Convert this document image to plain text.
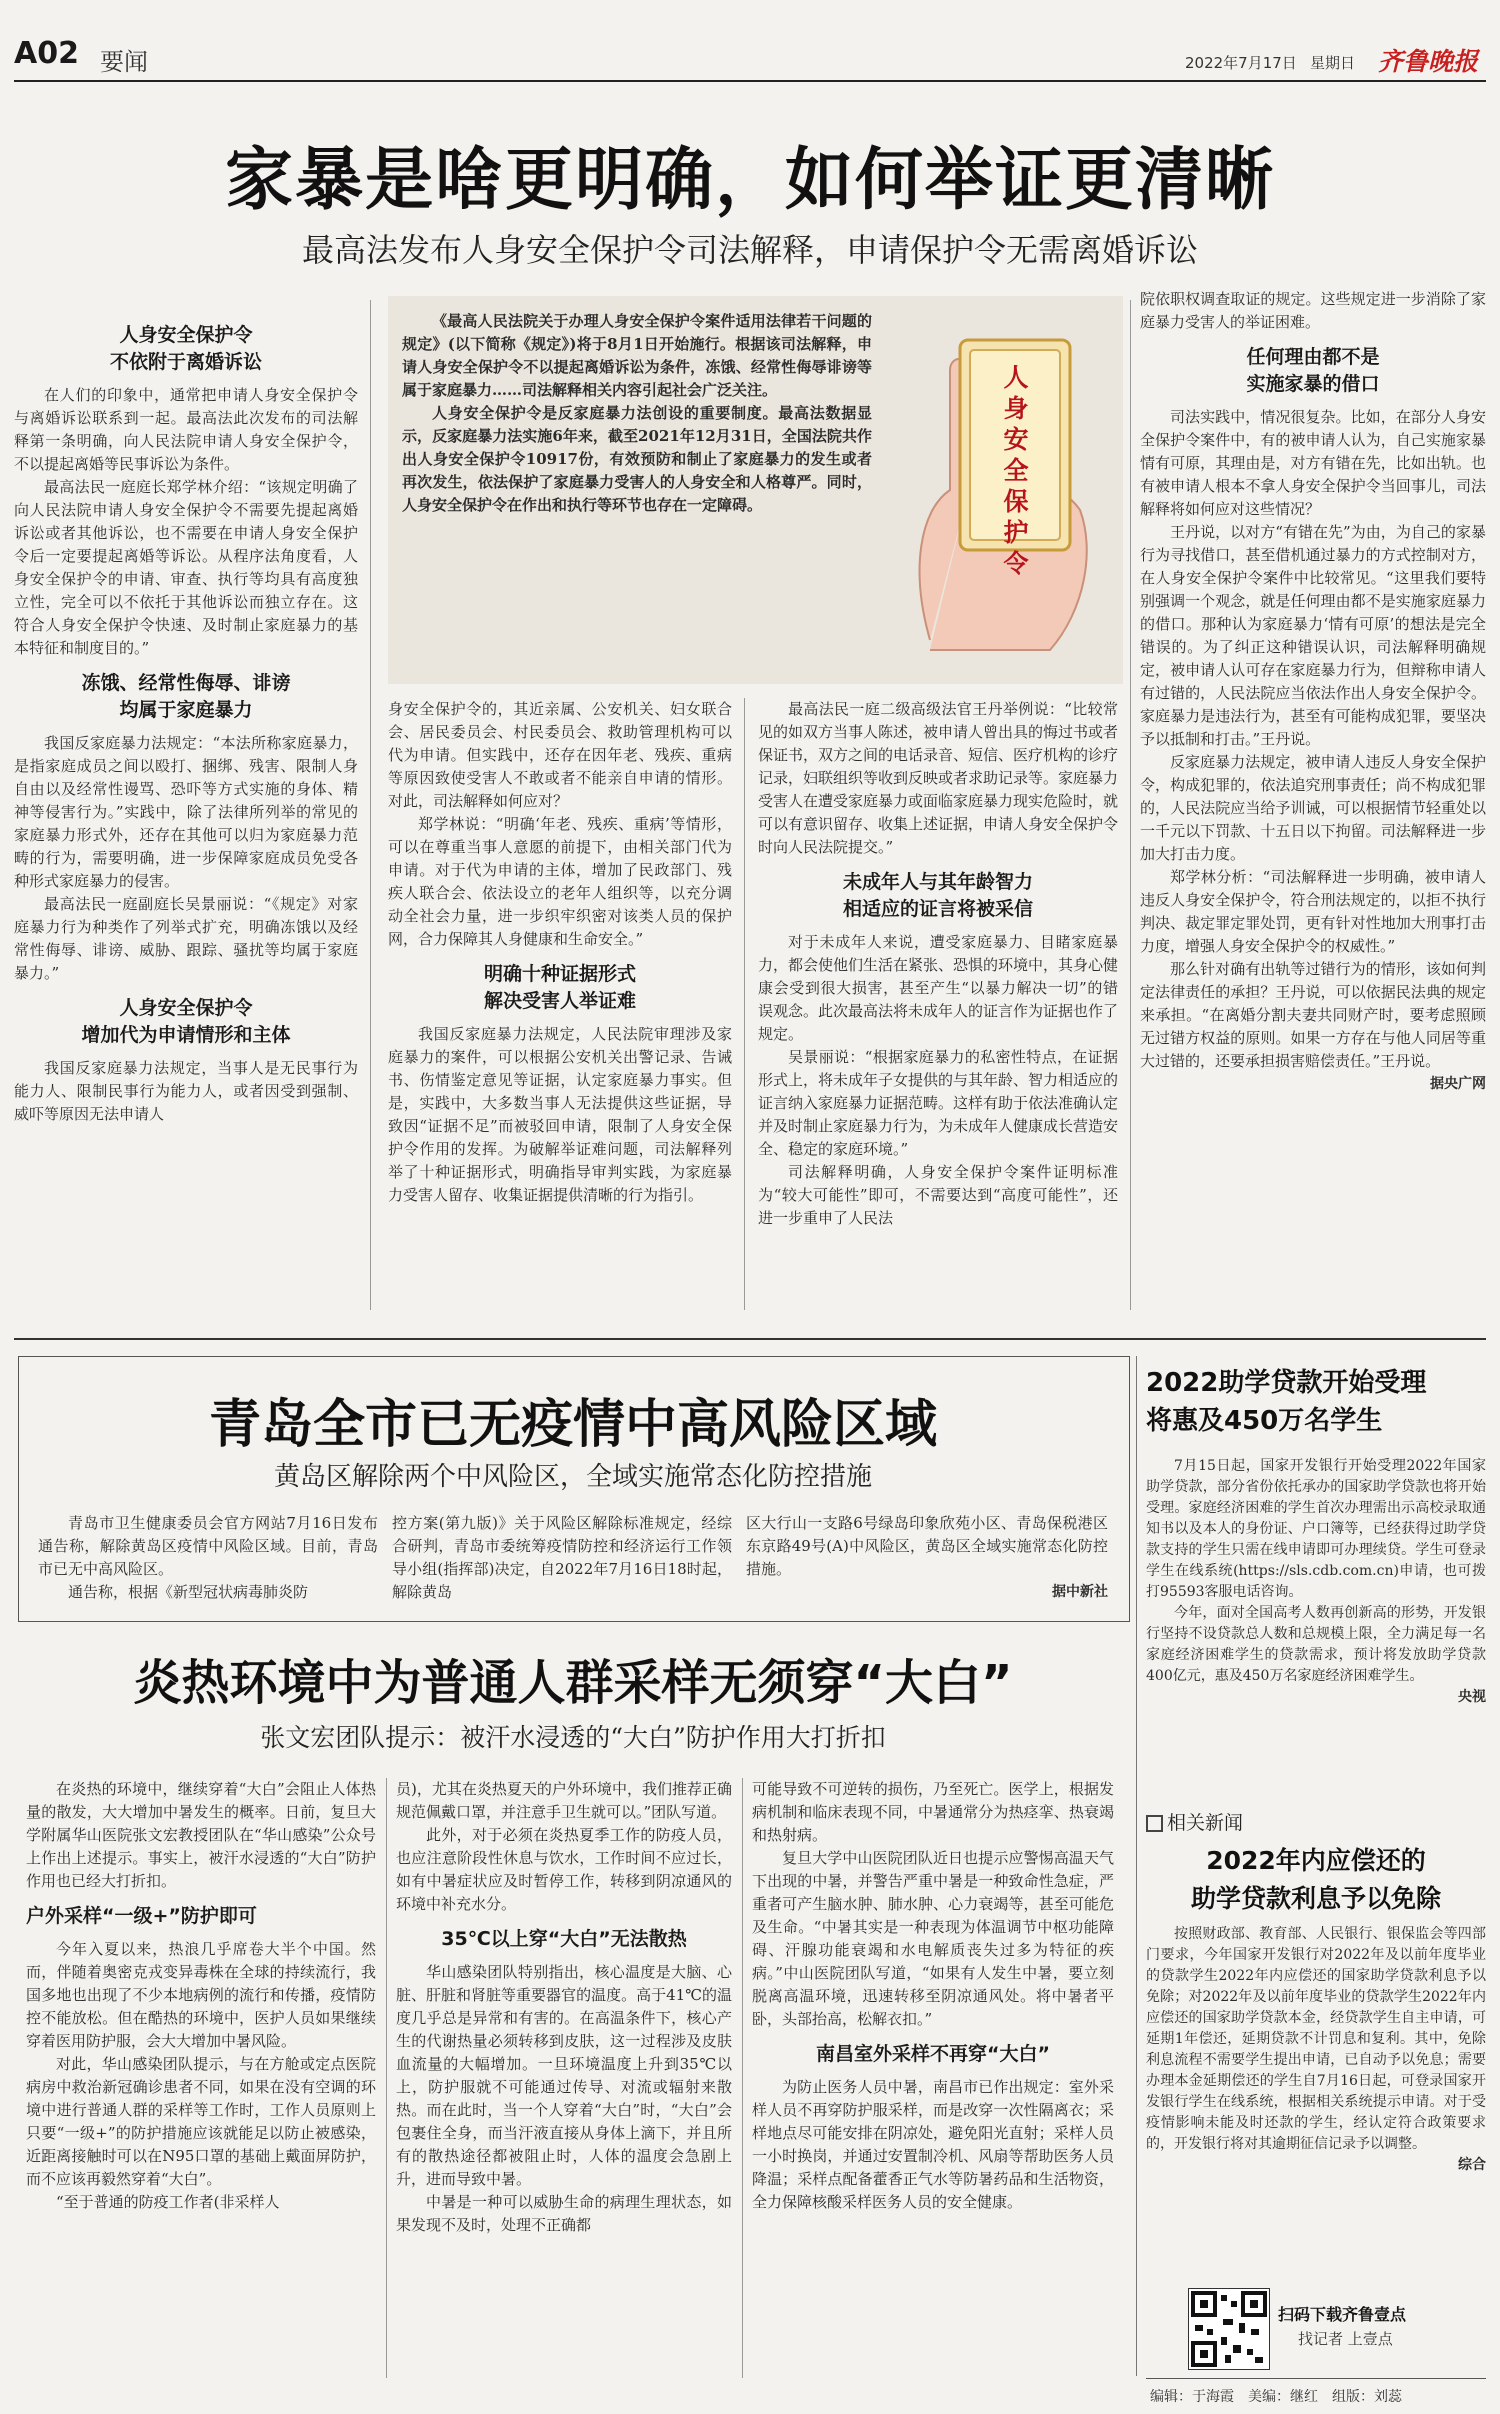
A02 要闻	2022年7月17日 星期日 齐鲁晚报
家暴是啥更明确，如何举证更清晰
最高法发布人身安全保护令司法解释，申请保护令无需离婚诉讼
人身安全保护令
不依附于离婚诉讼

在人们的印象中，通常把申请人身安全保护令与离婚诉讼联系到一起。最高法此次发布的司法解释第一条明确，向人民法院申请人身安全保护令，不以提起离婚等民事诉讼为条件。

最高法民一庭庭长郑学林介绍：“该规定明确了向人民法院申请人身安全保护令不需要先提起离婚诉讼或者其他诉讼，也不需要在申请人身安全保护令后一定要提起离婚等诉讼。从程序法角度看，人身安全保护令的申请、审查、执行等均具有高度独立性，完全可以不依托于其他诉讼而独立存在。这符合人身安全保护令快速、及时制止家庭暴力的基本特征和制度目的。”

冻饿、经常性侮辱、诽谤
均属于家庭暴力

我国反家庭暴力法规定：“本法所称家庭暴力，是指家庭成员之间以殴打、捆绑、残害、限制人身自由以及经常性谩骂、恐吓等方式实施的身体、精神等侵害行为。”实践中，除了法律所列举的常见的家庭暴力形式外，还存在其他可以归为家庭暴力范畴的行为，需要明确，进一步保障家庭成员免受各种形式家庭暴力的侵害。

最高法民一庭副庭长吴景丽说：“《规定》对家庭暴力行为种类作了列举式扩充，明确冻饿以及经常性侮辱、诽谤、威胁、跟踪、骚扰等均属于家庭暴力。”

人身安全保护令
增加代为申请情形和主体

我国反家庭暴力法规定，当事人是无民事行为能力人、限制民事行为能力人，或者因受到强制、威吓等原因无法申请人

《最高人民法院关于办理人身安全保护令案件适用法律若干问题的规定》(以下简称《规定》)将于8月1日开始施行。根据该司法解释，申请人身安全保护令不以提起离婚诉讼为条件，冻饿、经常性侮辱诽谤等属于家庭暴力……司法解释相关内容引起社会广泛关注。

人身安全保护令是反家庭暴力法创设的重要制度。最高法数据显示，反家庭暴力法实施6年来，截至2021年12月31日，全国法院共作出人身安全保护令10917份，有效预防和制止了家庭暴力的发生或者再次发生，依法保护了家庭暴力受害人的人身安全和人格尊严。同时，人身安全保护令在作出和执行等环节也存在一定障碍。

人身安全保护令

身安全保护令的，其近亲属、公安机关、妇女联合会、居民委员会、村民委员会、救助管理机构可以代为申请。但实践中，还存在因年老、残疾、重病等原因致使受害人不敢或者不能亲自申请的情形。对此，司法解释如何应对？

郑学林说：“明确‘年老、残疾、重病’等情形，可以在尊重当事人意愿的前提下，由相关部门代为申请。对于代为申请的主体，增加了民政部门、残疾人联合会、依法设立的老年人组织等，以充分调动全社会力量，进一步织牢织密对该类人员的保护网，合力保障其人身健康和生命安全。”

明确十种证据形式
解决受害人举证难

我国反家庭暴力法规定，人民法院审理涉及家庭暴力的案件，可以根据公安机关出警记录、告诫书、伤情鉴定意见等证据，认定家庭暴力事实。但是，实践中，大多数当事人无法提供这些证据，导致因“证据不足”而被驳回申请，限制了人身安全保护令作用的发挥。为破解举证难问题，司法解释列举了十种证据形式，明确指导审判实践，为家庭暴力受害人留存、收集证据提供清晰的行为指引。

最高法民一庭二级高级法官王丹举例说：“比较常见的如双方当事人陈述，被申请人曾出具的悔过书或者保证书，双方之间的电话录音、短信、医疗机构的诊疗记录，妇联组织等收到反映或者求助记录等。家庭暴力受害人在遭受家庭暴力或面临家庭暴力现实危险时，就可以有意识留存、收集上述证据，申请人身安全保护令时向人民法院提交。”

未成年人与其年龄智力
相适应的证言将被采信

对于未成年人来说，遭受家庭暴力、目睹家庭暴力，都会使他们生活在紧张、恐惧的环境中，其身心健康会受到很大损害，甚至产生“以暴力解决一切”的错误观念。此次最高法将未成年人的证言作为证据也作了规定。

吴景丽说：“根据家庭暴力的私密性特点，在证据形式上，将未成年子女提供的与其年龄、智力相适应的证言纳入家庭暴力证据范畴。这样有助于依法准确认定并及时制止家庭暴力行为，为未成年人健康成长营造安全、稳定的家庭环境。”

司法解释明确，人身安全保护令案件证明标准为“较大可能性”即可，不需要达到“高度可能性”，还进一步重申了人民法

院依职权调查取证的规定。这些规定进一步消除了家庭暴力受害人的举证困难。

任何理由都不是
实施家暴的借口

司法实践中，情况很复杂。比如，在部分人身安全保护令案件中，有的被申请人认为，自己实施家暴情有可原，其理由是，对方有错在先，比如出轨。也有被申请人根本不拿人身安全保护令当回事儿，司法解释将如何应对这些情况？

王丹说，以对方“有错在先”为由，为自己的家暴行为寻找借口，甚至借机通过暴力的方式控制对方，在人身安全保护令案件中比较常见。“这里我们要特别强调一个观念，就是任何理由都不是实施家庭暴力的借口。那种认为家庭暴力‘情有可原’的想法是完全错误的。为了纠正这种错误认识，司法解释明确规定，被申请人认可存在家庭暴力行为，但辩称申请人有过错的，人民法院应当依法作出人身安全保护令。家庭暴力是违法行为，甚至有可能构成犯罪，要坚决予以抵制和打击。”王丹说。

反家庭暴力法规定，被申请人违反人身安全保护令，构成犯罪的，依法追究刑事责任；尚不构成犯罪的，人民法院应当给予训诫，可以根据情节轻重处以一千元以下罚款、十五日以下拘留。司法解释进一步加大打击力度。

郑学林分析：“司法解释进一步明确，被申请人违反人身安全保护令，符合刑法规定的，以拒不执行判决、裁定罪定罪处罚，更有针对性地加大刑事打击力度，增强人身安全保护令的权威性。”

那么针对确有出轨等过错行为的情形，该如何判定法律责任的承担？王丹说，可以依据民法典的规定来承担。“在离婚分割夫妻共同财产时，要考虑照顾无过错方权益的原则。如果一方存在与他人同居等重大过错的，还要承担损害赔偿责任。”王丹说。

据央广网
青岛全市已无疫情中高风险区域
黄岛区解除两个中风险区，全域实施常态化防控措施

青岛市卫生健康委员会官方网站7月16日发布通告称，解除黄岛区疫情中风险区域。目前，青岛市已无中高风险区。

通告称，根据《新型冠状病毒肺炎防

控方案(第九版)》关于风险区解除标准规定，经综合研判，青岛市委统筹疫情防控和经济运行工作领导小组(指挥部)决定，自2022年7月16日18时起，解除黄岛

区大行山一支路6号绿岛印象欣苑小区、青岛保税港区东京路49号(A)中风险区，黄岛区全域实施常态化防控措施。

据中新社
炎热环境中为普通人群采样无须穿“大白”
张文宏团队提示：被汗水浸透的“大白”防护作用大打折扣

在炎热的环境中，继续穿着“大白”会阻止人体热量的散发，大大增加中暑发生的概率。日前，复旦大学附属华山医院张文宏教授团队在“华山感染”公众号上作出上述提示。事实上，被汗水浸透的“大白”防护作用也已经大打折扣。

户外采样“一级+”防护即可

今年入夏以来，热浪几乎席卷大半个中国。然而，伴随着奥密克戎变异毒株在全球的持续流行，我国多地也出现了不少本地病例的流行和传播，疫情防控不能放松。但在酷热的环境中，医护人员如果继续穿着医用防护服，会大大增加中暑风险。

对此，华山感染团队提示，与在方舱或定点医院病房中救治新冠确诊患者不同，如果在没有空调的环境中进行普通人群的采样等工作时，工作人员原则上只要“一级+”的防护措施应该就能足以防止被感染，近距离接触时可以在N95口罩的基础上戴面屏防护，而不应该再毅然穿着“大白”。

“至于普通的防疫工作者(非采样人

员)，尤其在炎热夏天的户外环境中，我们推荐正确规范佩戴口罩，并注意手卫生就可以。”团队写道。

此外，对于必须在炎热夏季工作的防疫人员，也应注意阶段性休息与饮水，工作时间不应过长，如有中暑症状应及时暂停工作，转移到阴凉通风的环境中补充水分。

35℃以上穿“大白”无法散热

华山感染团队特别指出，核心温度是大脑、心脏、肝脏和肾脏等重要器官的温度。高于41℃的温度几乎总是异常和有害的。在高温条件下，核心产生的代谢热量必须转移到皮肤，这一过程涉及皮肤血流量的大幅增加。一旦环境温度上升到35℃以上，防护服就不可能通过传导、对流或辐射来散热。而在此时，当一个人穿着“大白”时，“大白”会包裹住全身，而当汗液直接从身体上滴下，并且所有的散热途径都被阻止时，人体的温度会急剧上升，进而导致中暑。

中暑是一种可以威胁生命的病理生理状态，如果发现不及时，处理不正确都

可能导致不可逆转的损伤，乃至死亡。医学上，根据发病机制和临床表现不同，中暑通常分为热痉挛、热衰竭和热射病。

复旦大学中山医院团队近日也提示应警惕高温天气下出现的中暑，并警告严重中暑是一种致命性急症，严重者可产生脑水肿、肺水肿、心力衰竭等，甚至可能危及生命。“中暑其实是一种表现为体温调节中枢功能障碍、汗腺功能衰竭和水电解质丧失过多为特征的疾病。”中山医院团队写道，“如果有人发生中暑，要立刻脱离高温环境，迅速转移至阴凉通风处。将中暑者平卧，头部抬高，松解衣扣。”

南昌室外采样不再穿“大白”

为防止医务人员中暑，南昌市已作出规定：室外采样人员不再穿防护服采样，而是改穿一次性隔离衣；采样地点尽可能安排在阴凉处，避免阳光直射；采样人员一小时换岗，并通过安置制冷机、风扇等帮助医务人员降温；采样点配备藿香正气水等防暑药品和生活物资，全力保障核酸采样医务人员的安全健康。

2022助学贷款开始受理
将惠及450万名学生

7月15日起，国家开发银行开始受理2022年国家助学贷款，部分省份依托承办的国家助学贷款也将开始受理。家庭经济困难的学生首次办理需出示高校录取通知书以及本人的身份证、户口簿等，已经获得过助学贷款支持的学生只需在线申请即可办理续贷。学生可登录学生在线系统(https://sls.cdb.com.cn)申请，也可拨打95593客服电话咨询。

今年，面对全国高考人数再创新高的形势，开发银行坚持不设贷款总人数和总规模上限，全力满足每一名家庭经济困难学生的贷款需求，预计将发放助学贷款400亿元，惠及450万名家庭经济困难学生。

央视
相关新闻
2022年内应偿还的
助学贷款利息予以免除

按照财政部、教育部、人民银行、银保监会等四部门要求，今年国家开发银行对2022年及以前年度毕业的贷款学生2022年内应偿还的国家助学贷款利息予以免除；对2022年及以前年度毕业的贷款学生2022年内应偿还的国家助学贷款本金，经贷款学生自主申请，可延期1年偿还，延期贷款不计罚息和复利。其中，免除利息流程不需要学生提出申请，已自动予以免息；需要办理本金延期偿还的学生自7月16日起，可登录国家开发银行学生在线系统，根据相关系统提示申请。对于受疫情影响未能及时还款的学生，经认定符合政策要求的，开发银行将对其逾期征信记录予以调整。

综合
扫码下载齐鲁壹点
找记者 上壹点
编辑：于海霞　美编：继红　组版：刘蕊
